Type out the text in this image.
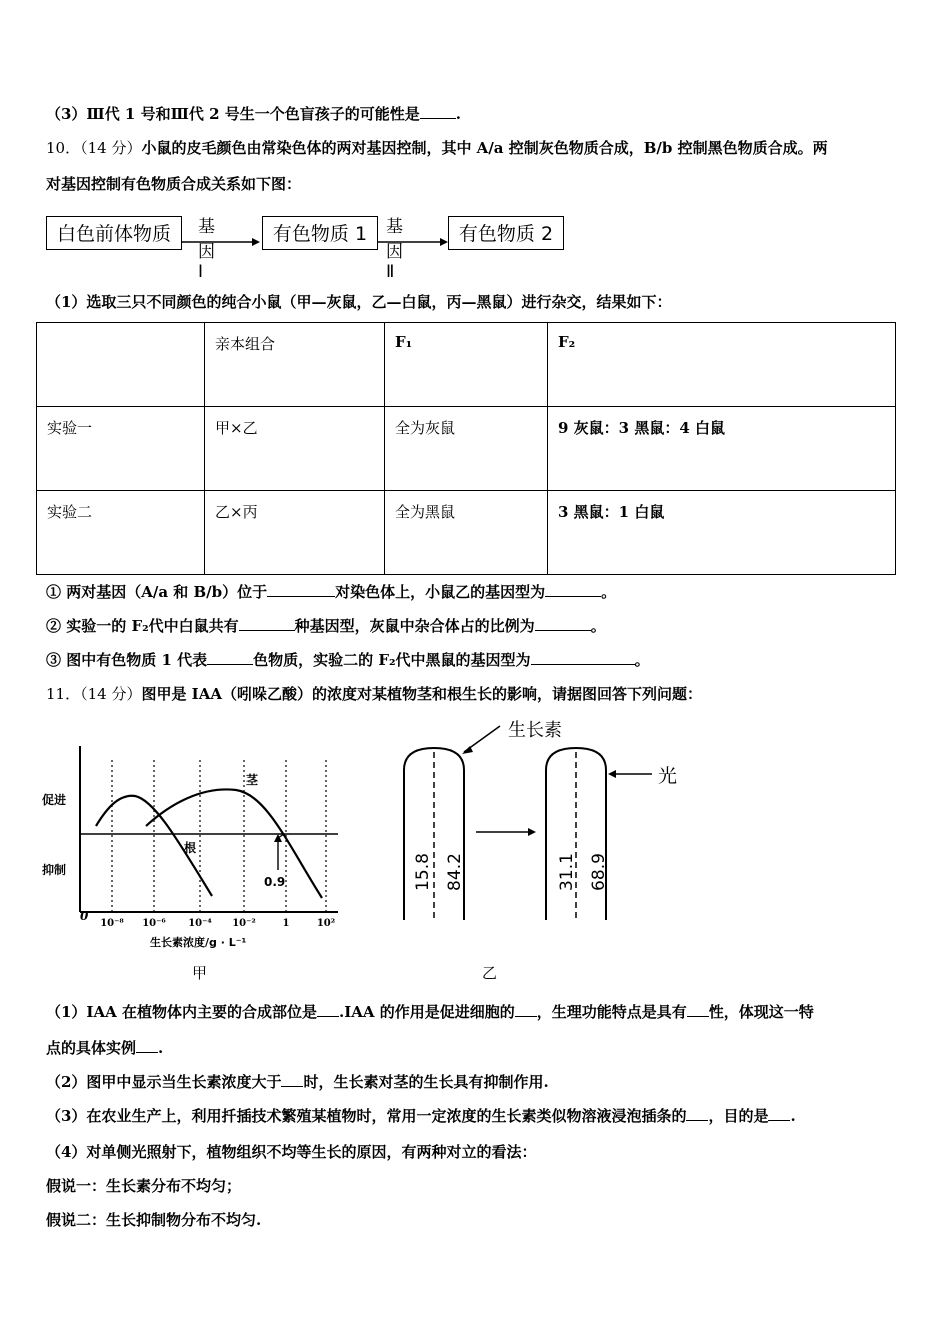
（3）Ⅲ代 1 号和Ⅲ代 2 号生一个色盲孩子的可能性是 .
10．（14 分）小鼠的皮毛颜色由常染色体的两对基因控制，其中 A/a 控制灰色物质合成，B/b 控制黑色物质合成。两
对基因控制有色物质合成关系如下图：
白色前体物质	基因Ⅰ
有色物质 1	基因Ⅱ
有色物质 2
（1）选取三只不同颜色的纯合小鼠（甲—灰鼠，乙—白鼠，丙—黑鼠）进行杂交，结果如下：
	亲本组合	F₁	F₂
实验一	甲×乙	全为灰鼠	9 灰鼠：3 黑鼠：4 白鼠
实验二	乙×丙	全为黑鼠	3 黑鼠：1 白鼠
① 两对基因（A/a 和 B/b）位于	对染色体上，小鼠乙的基因型为	。
② 实验一的 F₂代中白鼠共有	种基因型，灰鼠中杂合体占的比例为	。
③ 图中有色物质 1 代表	色物质，实验二的 F₂代中黑鼠的基因型为	。
11．（14 分）图甲是 IAA（吲哚乙酸）的浓度对某植物茎和根生长的影响，请据图回答下列问题：
促进
抑制
茎
根
0.9
0
10⁻⁸ 10⁻⁶ 10⁻⁴ 10⁻²	1	10²
生长素浓度/g · L⁻¹
甲
15.8 84.2
生长素
31.1 68.9
光
乙
（1）IAA 在植物体内主要的合成部位是 .IAA 的作用是促进细胞的 ，生理功能特点是具有 性，体现这一特
点的具体实例 .
（2）图甲中显示当生长素浓度大于 时，生长素对茎的生长具有抑制作用.
（3）在农业生产上，利用扦插技术繁殖某植物时，常用一定浓度的生长素类似物溶液浸泡插条的 ，目的是 .
（4）对单侧光照射下，植物组织不均等生长的原因，有两种对立的看法：
假说一：生长素分布不均匀；
假说二：生长抑制物分布不均匀.
